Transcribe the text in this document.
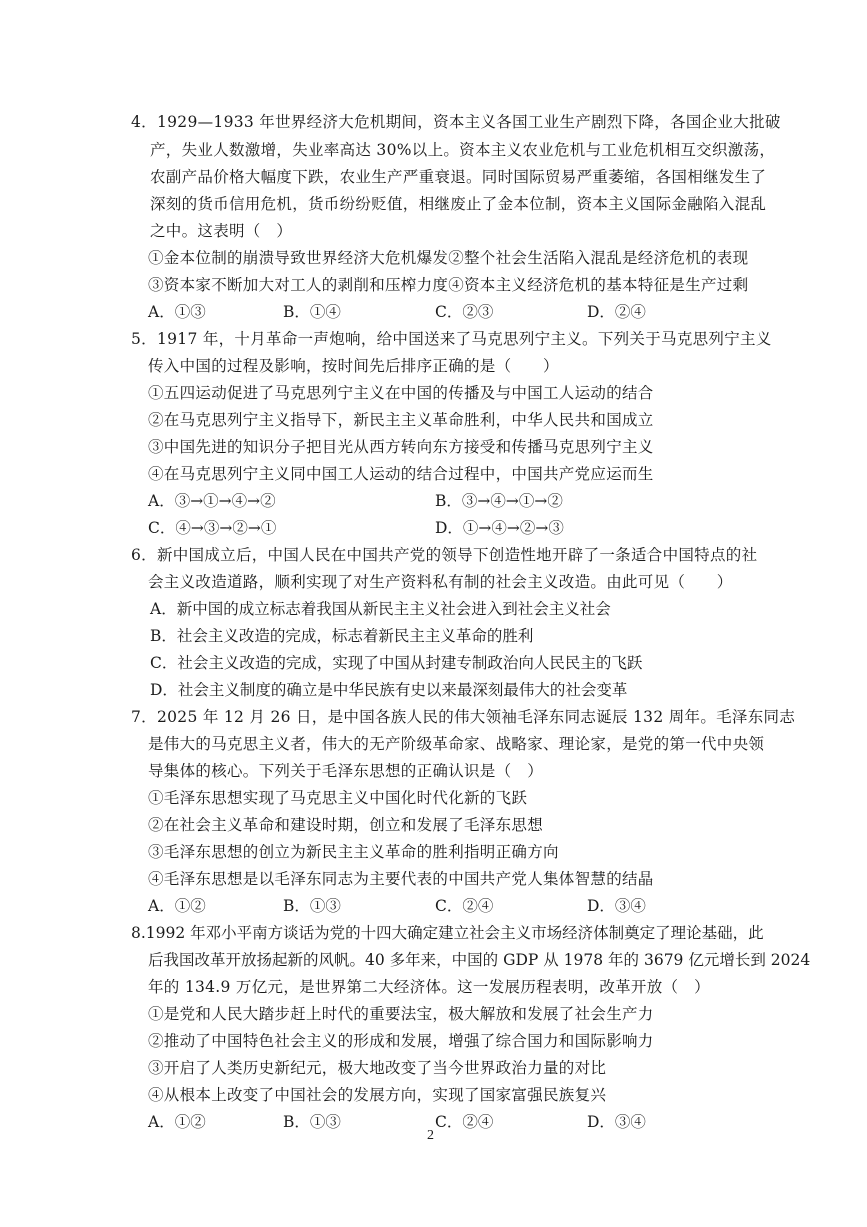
4．1929—1933 年世界经济大危机期间，资本主义各国工业生产剧烈下降，各国企业大批破
产，失业人数激增，失业率高达 30%以上。资本主义农业危机与工业危机相互交织激荡，
农副产品价格大幅度下跌，农业生产严重衰退。同时国际贸易严重萎缩，各国相继发生了
深刻的货币信用危机，货币纷纷贬值，相继废止了金本位制，资本主义国际金融陷入混乱
之中。这表明（　）
①金本位制的崩溃导致世界经济大危机爆发②整个社会生活陷入混乱是经济危机的表现
③资本家不断加大对工人的剥削和压榨力度④资本主义经济危机的基本特征是生产过剩
A．①③	B．①④	C．②③	D．②④
5．1917 年，十月革命一声炮响，给中国送来了马克思列宁主义。下列关于马克思列宁主义
传入中国的过程及影响，按时间先后排序正确的是（　　）
①五四运动促进了马克思列宁主义在中国的传播及与中国工人运动的结合
②在马克思列宁主义指导下，新民主主义革命胜利，中华人民共和国成立
③中国先进的知识分子把目光从西方转向东方接受和传播马克思列宁主义
④在马克思列宁主义同中国工人运动的结合过程中，中国共产党应运而生
A．③→①→④→②	B．③→④→①→②
C．④→③→②→①	D．①→④→②→③
6．新中国成立后，中国人民在中国共产党的领导下创造性地开辟了一条适合中国特点的社
会主义改造道路，顺利实现了对生产资料私有制的社会主义改造。由此可见（　　）
A．新中国的成立标志着我国从新民主主义社会进入到社会主义社会
B．社会主义改造的完成，标志着新民主主义革命的胜利
C．社会主义改造的完成，实现了中国从封建专制政治向人民民主的飞跃
D．社会主义制度的确立是中华民族有史以来最深刻最伟大的社会变革
7．2025 年 12 月 26 日，是中国各族人民的伟大领袖毛泽东同志诞辰 132 周年。毛泽东同志
是伟大的马克思主义者，伟大的无产阶级革命家、战略家、理论家，是党的第一代中央领
导集体的核心。下列关于毛泽东思想的正确认识是（　）
①毛泽东思想实现了马克思主义中国化时代化新的飞跃
②在社会主义革命和建设时期，创立和发展了毛泽东思想
③毛泽东思想的创立为新民主主义革命的胜利指明正确方向
④毛泽东思想是以毛泽东同志为主要代表的中国共产党人集体智慧的结晶
A．①②	B．①③	C．②④	D．③④
8.1992 年邓小平南方谈话为党的十四大确定建立社会主义市场经济体制奠定了理论基础，此
后我国改革开放扬起新的风帆。40 多年来，中国的 GDP 从 1978 年的 3679 亿元增长到 2024
年的 134.9 万亿元，是世界第二大经济体。这一发展历程表明，改革开放（　）
①是党和人民大踏步赶上时代的重要法宝，极大解放和发展了社会生产力
②推动了中国特色社会主义的形成和发展，增强了综合国力和国际影响力
③开启了人类历史新纪元，极大地改变了当今世界政治力量的对比
④从根本上改变了中国社会的发展方向，实现了国家富强民族复兴
A．①②	B．①③	C．②④	D．③④
2
